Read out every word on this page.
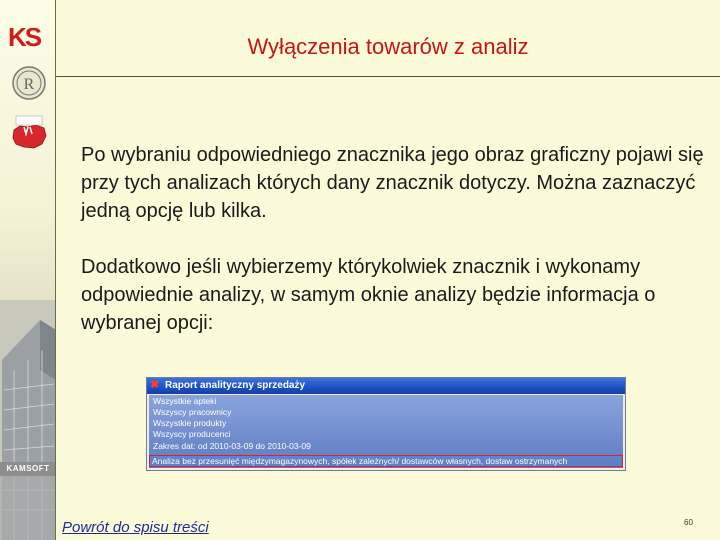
KS
R
KAMSOFT
Wyłączenia towarów z analiz

Po wybraniu odpowiedniego znacznika jego obraz graficzny pojawi się przy tych analizach których dany znacznik dotyczy. Można zaznaczyć jedną opcję lub kilka.

Dodatkowo jeśli wybierzemy którykolwiek znacznik i wykonamy odpowiednie analizy, w samym oknie analizy będzie informacja o wybranej opcji:

✖ Raport analityczny sprzedaży
Wszystkie apteki
Wszyscy pracownicy
Wszystkie produkty
Wszyscy producenci
Zakres dat: od 2010-03-09 do 2010-03-09
Analiza bez przesunięć międzymagazynowych, spółek zależnych/ dostawców własnych, dostaw ostrzymanych
Powrót do spisu treści	60
